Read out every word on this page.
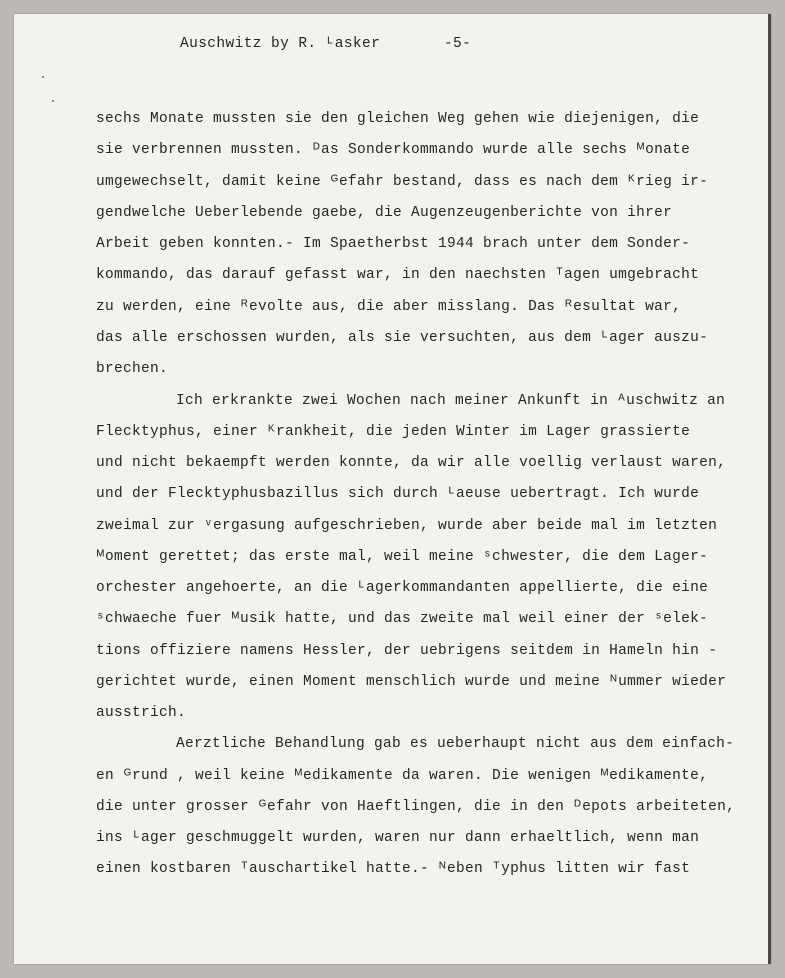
Auschwitz by R. ᴸasker	-5-
sechs Monate mussten sie den gleichen Weg gehen wie diejenigen, die
sie verbrennen mussten. ᴰas Sonderkommando wurde alle sechs ᴹonate
umgewechselt, damit keine ᴳefahr bestand, dass es nach dem ᴷrieg ir-
gendwelche Ueberlebende gaebe, die Augenzeugenberichte von ihrer
Arbeit geben konnten.- Im Spaetherbst 1944 brach unter dem Sonder-
kommando, das darauf gefasst war, in den naechsten ᵀagen umgebracht
zu werden, eine ᴿevolte aus, die aber misslang. Das ᴿesultat war,
das alle erschossen wurden, als sie versuchten, aus dem ᴸager auszu-
brechen.
Ich erkrankte zwei Wochen nach meiner Ankunft in ᴬuschwitz an
Flecktyphus, einer ᴷrankheit, die jeden Winter im Lager grassierte
und nicht bekaempft werden konnte, da wir alle voellig verlaust waren,
und der Flecktyphusbazillus sich durch ᴸaeuse uebertragt. Ich wurde
zweimal zur ᵛergasung aufgeschrieben, wurde aber beide mal im letzten
ᴹoment gerettet; das erste mal, weil meine ˢchwester, die dem Lager-
orchester angehoerte, an die ᴸagerkommandanten appellierte, die eine
ˢchwaeche fuer ᴹusik hatte, und das zweite mal weil einer der ˢelek-
tions offiziere namens Hessler, der uebrigens seitdem in Hameln hin -
gerichtet wurde, einen Moment menschlich wurde und meine ᴺummer wieder
ausstrich.
Aerztliche Behandlung gab es ueberhaupt nicht aus dem einfach-
en ᴳrund , weil keine ᴹedikamente da waren. Die wenigen ᴹedikamente,
die unter grosser ᴳefahr von Haeftlingen, die in den ᴰepots arbeiteten,
ins ᴸager geschmuggelt wurden, waren nur dann erhaeltlich, wenn man
einen kostbaren ᵀauschartikel hatte.- ᴺeben ᵀyphus litten wir fast
